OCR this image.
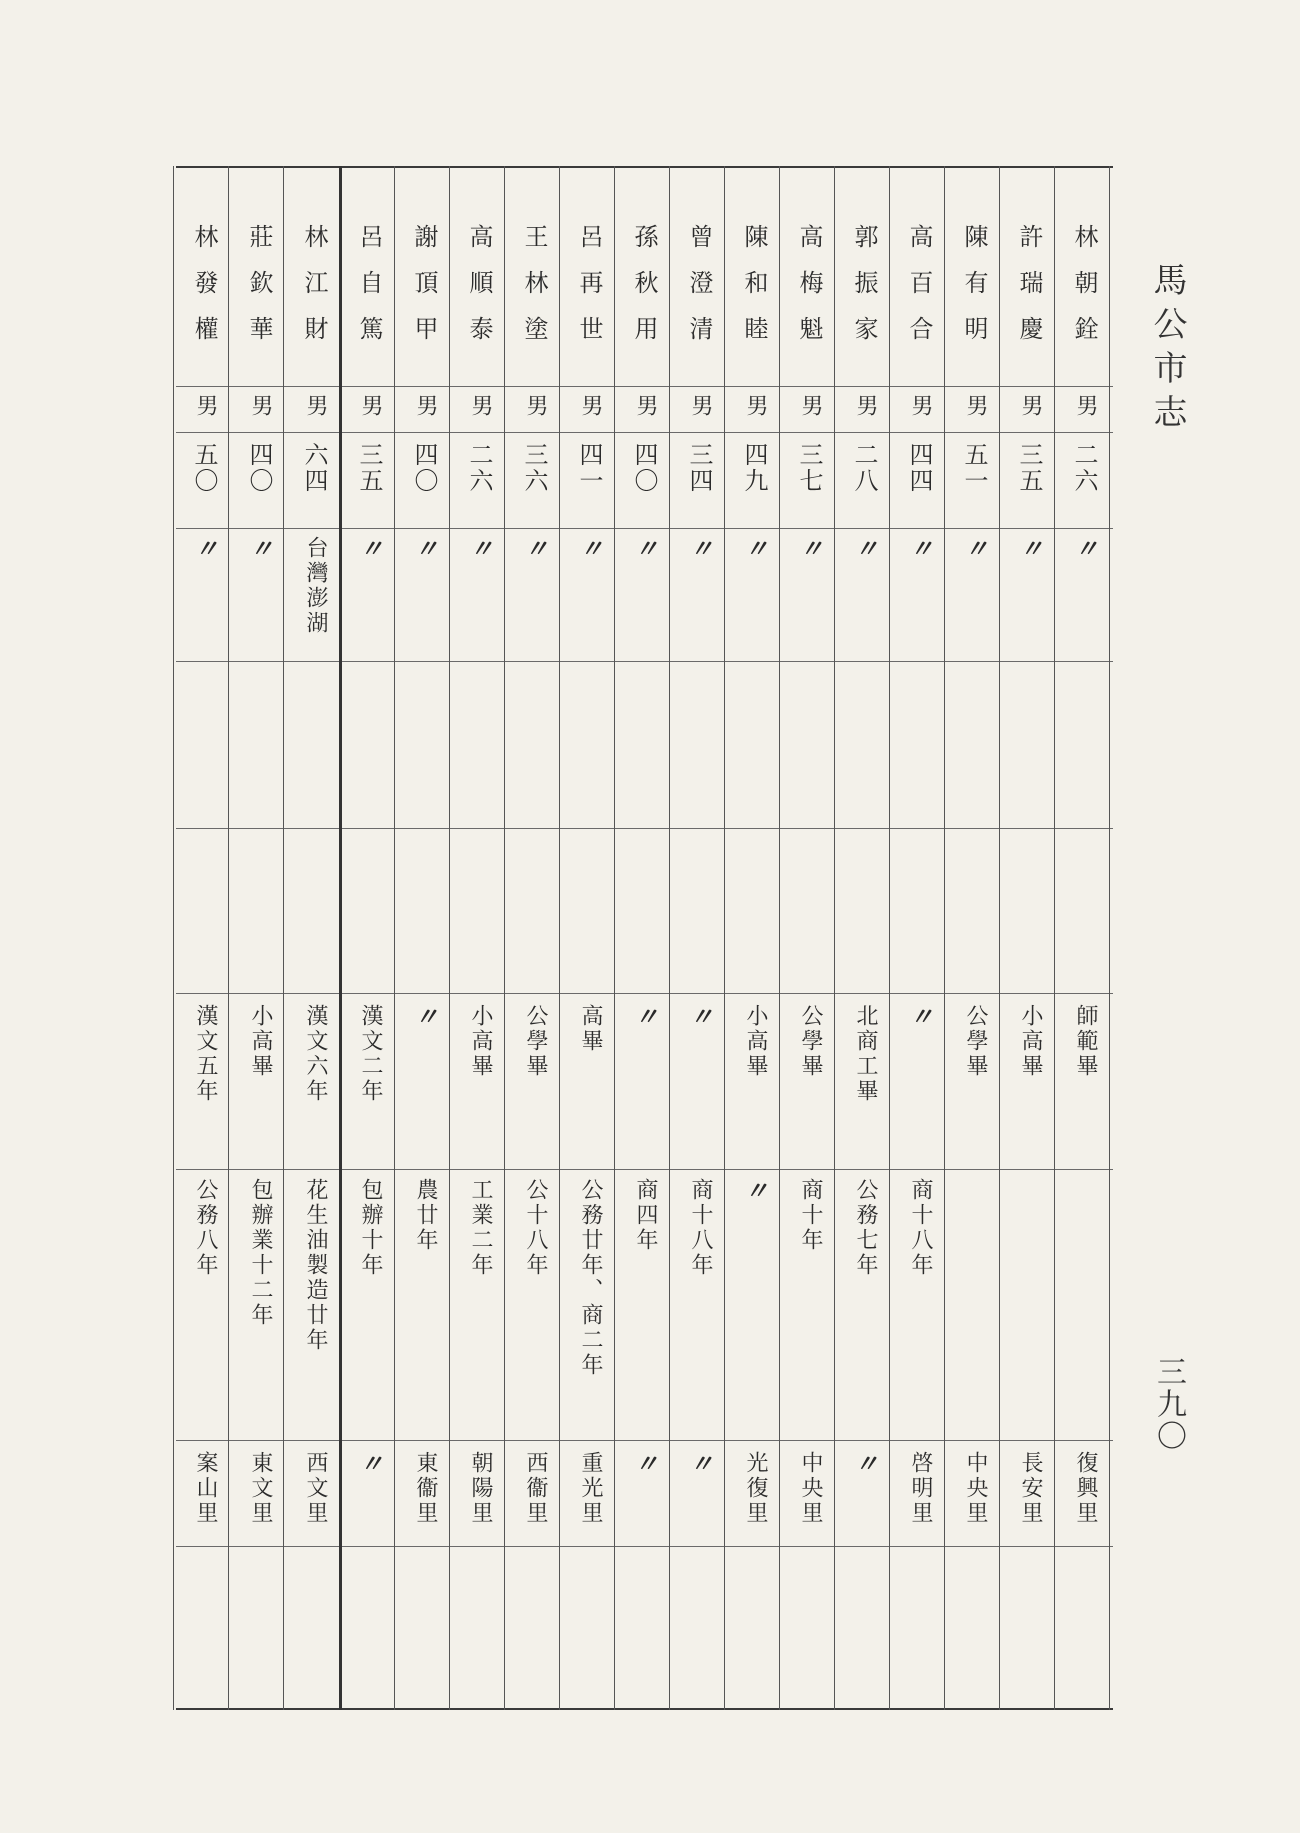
馬公市志
三九〇
林朝銓
男
二六
〃
師範畢
復興里
許瑞慶
男
三五
〃
小高畢
長安里
陳有明
男
五一
〃
公學畢
中央里
高百合
男
四四
〃
〃
商十八年
啓明里
郭振家
男
二八
〃
北商工畢
公務七年
〃
高梅魁
男
三七
〃
公學畢
商十年
中央里
陳和睦
男
四九
〃
小高畢
〃
光復里
曾澄清
男
三四
〃
〃
商十八年
〃
孫秋用
男
四〇
〃
〃
商四年
〃
呂再世
男
四一
〃
高畢
公務廿年、商二年
重光里
王林塗
男
三六
〃
公學畢
公十八年
西衞里
高順泰
男
二六
〃
小高畢
工業二年
朝陽里
謝頂甲
男
四〇
〃
〃
農廿年
東衞里
呂自篤
男
三五
〃
漢文二年
包辦十年
〃
林江財
男
六四
台灣澎湖
漢文六年
花生油製造廿年
西文里
莊欽華
男
四〇
〃
小高畢
包辦業十二年
東文里
林發權
男
五〇
〃
漢文五年
公務八年
案山里
